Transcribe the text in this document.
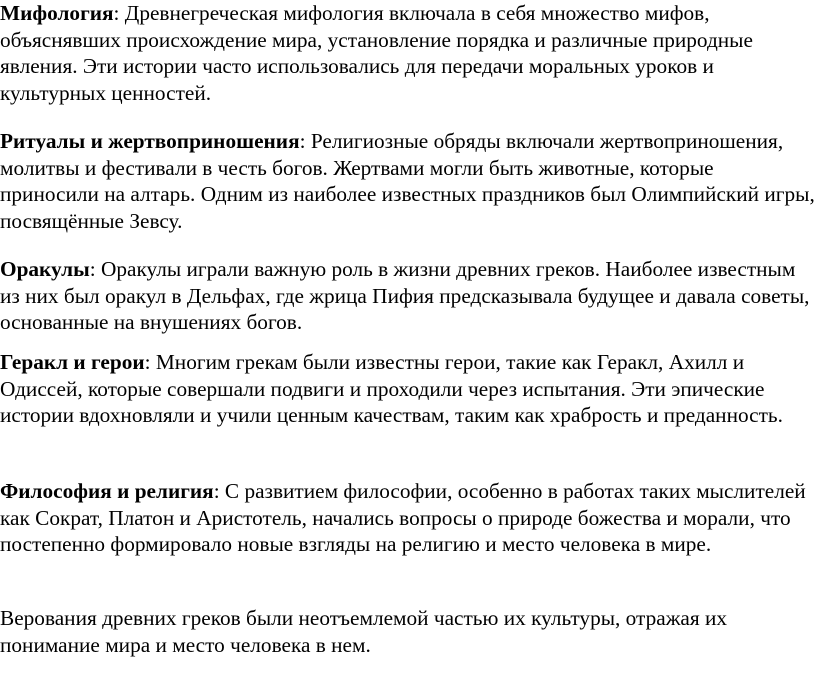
Мифология: Древнегреческая мифология включала в себя множество мифов, объяснявших происхождение мира, установление порядка и различные природные явления. Эти истории часто использовались для передачи моральных уроков и культурных ценностей.

Ритуалы и жертвоприношения: Религиозные обряды включали жертвоприношения, молитвы и фестивали в честь богов. Жертвами могли быть животные, которые приносили на алтарь. Одним из наиболее известных праздников был Олимпийский игры, посвящённые Зевсу.

Оракулы: Оракулы играли важную роль в жизни древних греков. Наиболее известным из них был оракул в Дельфах, где жрица Пифия предсказывала будущее и давала советы, основанные на внушениях богов.

Геракл и герои: Многим грекам были известны герои, такие как Геракл, Ахилл и Одиссей, которые совершали подвиги и проходили через испытания. Эти эпические истории вдохновляли и учили ценным качествам, таким как храбрость и преданность.

Философия и религия: С развитием философии, особенно в работах таких мыслителей как Сократ, Платон и Аристотель, начались вопросы о природе божества и морали, что постепенно формировало новые взгляды на религию и место человека в мире.

Верования древних греков были неотъемлемой частью их культуры, отражая их понимание мира и место человека в нем.
